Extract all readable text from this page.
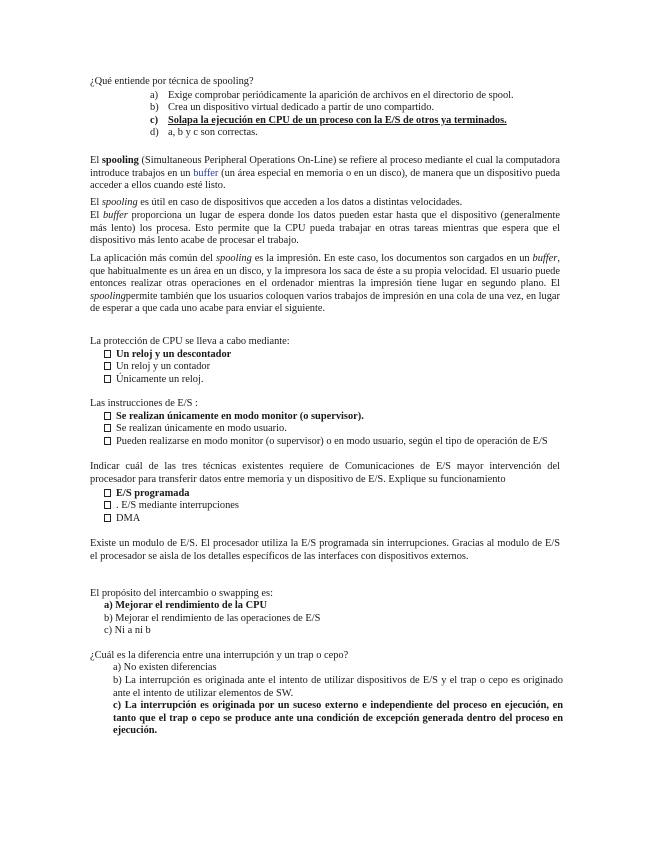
¿Qué entiende por técnica de spooling?
a) Exige comprobar periódicamente la aparición de archivos en el directorio de spool.
b) Crea un dispositivo virtual dedicado a partir de uno compartido.
c) Solapa la ejecución en CPU de un proceso con la E/S de otros ya terminados.
d) a, b y c son correctas.
El spooling (Simultaneous Peripheral Operations On-Line) se refiere al proceso mediante el cual la computadora introduce trabajos en un buffer (un área especial en memoria o en un disco), de manera que un dispositivo pueda acceder a ellos cuando esté listo.
El spooling es útil en caso de dispositivos que acceden a los datos a distintas velocidades.
El buffer proporciona un lugar de espera donde los datos pueden estar hasta que el dispositivo (generalmente más lento) los procesa. Esto permite que la CPU pueda trabajar en otras tareas mientras que espera que el dispositivo más lento acabe de procesar el trabajo.
La aplicación más común del spooling es la impresión. En este caso, los documentos son cargados en un buffer, que habitualmente es un área en un disco, y la impresora los saca de éste a su propia velocidad. El usuario puede entonces realizar otras operaciones en el ordenador mientras la impresión tiene lugar en segundo plano. El spoolingpermite también que los usuarios coloquen varios trabajos de impresión en una cola de una vez, en lugar de esperar a que cada uno acabe para enviar el siguiente.
La protección de CPU se lleva a cabo mediante:
Un reloj y un descontador
Un reloj y un contador
Únicamente un reloj.
Las instrucciones de E/S :
Se realizan únicamente en modo monitor (o supervisor).
Se realizan únicamente en modo usuario.
Pueden realizarse en modo monitor (o supervisor) o en modo usuario, según el tipo de operación de E/S
Indicar cuál de las tres técnicas existentes requiere de Comunicaciones de E/S mayor intervención del procesador para transferir datos entre memoria y un dispositivo de E/S. Explique su funcionamiento
E/S programada
. E/S mediante interrupciones
DMA
Existe un modulo de E/S. El procesador utiliza la E/S programada sin interrupciones. Gracias al modulo de E/S el procesador se aisla de los detalles específicos de las interfaces con dispositivos externos.
El propósito del intercambio o swapping es:
a) Mejorar el rendimiento de la CPU
b) Mejorar el rendimiento de las operaciones de E/S
c) Ni a ni b
¿Cuál es la diferencia entre una interrupción y un trap o cepo?
a) No existen diferencias
b) La interrupción es originada ante el intento de utilizar dispositivos de E/S y el trap o cepo es originado ante el intento de utilizar elementos de SW.
c) La interrupción es originada por un suceso externo e independiente del proceso en ejecución, en tanto que el trap o cepo se produce ante una condición de excepción generada dentro del proceso en ejecución.
